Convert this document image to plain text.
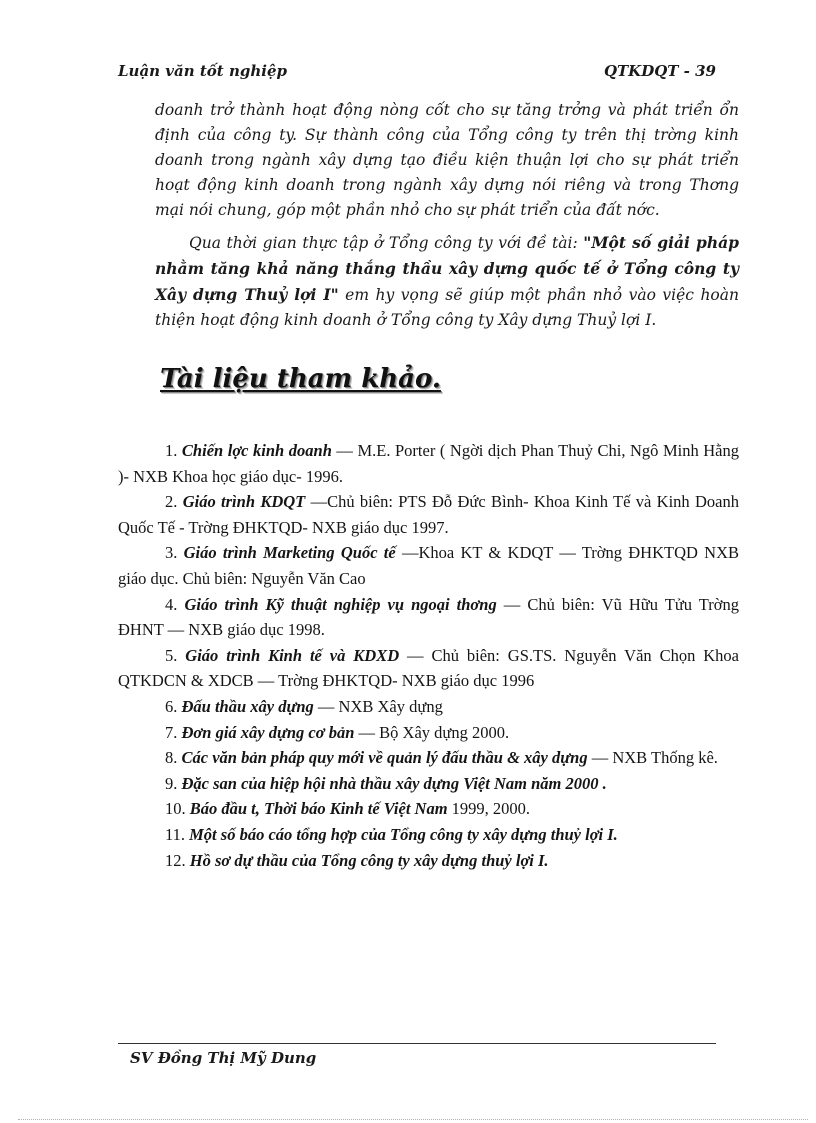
Luận văn tốt nghiệp	QTKDQT - 39

doanh trở thành hoạt động nòng cốt cho sự tăng trởng và phát triển ổn định của công ty. Sự thành công của Tổng công ty trên thị trờng kinh doanh trong ngành xây dựng tạo điều kiện thuận lợi cho sự phát triển hoạt động kinh doanh trong ngành xây dựng nói riêng và trong Thơng mại nói chung, góp một phần nhỏ cho sự phát triển của đất nớc.

Qua thời gian thực tập ở Tổng công ty với đề tài: "Một số giải pháp nhằm tăng khả năng thắng thầu xây dựng quốc tế ở Tổng công ty Xây dựng Thuỷ lợi I" em hy vọng sẽ giúp một phần nhỏ vào việc hoàn thiện hoạt động kinh doanh ở Tổng công ty Xây dựng Thuỷ lợi I.

Tài liệu tham khảo.
1. Chiến lợc kinh doanh — M.E. Porter ( Ngời dịch Phan Thuỷ Chi, Ngô Minh Hằng )- NXB Khoa học giáo dục- 1996.
2. Giáo trình KDQT —Chủ biên: PTS Đỗ Đức Bình- Khoa Kinh Tế và Kinh Doanh Quốc Tế - Trờng ĐHKTQD- NXB giáo dục 1997.
3. Giáo trình Marketing Quốc tế —Khoa KT & KDQT — Trờng ĐHKTQD NXB giáo dục. Chủ biên: Nguyễn Văn Cao
4. Giáo trình Kỹ thuật nghiệp vụ ngoại thơng — Chủ biên: Vũ Hữu Tửu Trờng ĐHNT — NXB giáo dục 1998.
5. Giáo trình Kinh tế và KDXD — Chủ biên: GS.TS. Nguyễn Văn Chọn Khoa QTKDCN & XDCB — Trờng ĐHKTQD- NXB giáo dục 1996
6. Đấu thầu xây dựng — NXB Xây dựng
7. Đơn giá xây dựng cơ bản — Bộ Xây dựng 2000.
8. Các văn bản pháp quy mới về quản lý đấu thầu & xây dựng — NXB Thống kê.
9. Đặc san của hiệp hội nhà thầu xây dựng Việt Nam năm 2000 .
10. Báo đầu t, Thời báo Kinh tế Việt Nam 1999, 2000.
11. Một số báo cáo tổng hợp của Tổng công ty xây dựng thuỷ lợi I.
12. Hồ sơ dự thầu của Tổng công ty xây dựng thuỷ lợi I.
SV Đồng Thị Mỹ Dung
